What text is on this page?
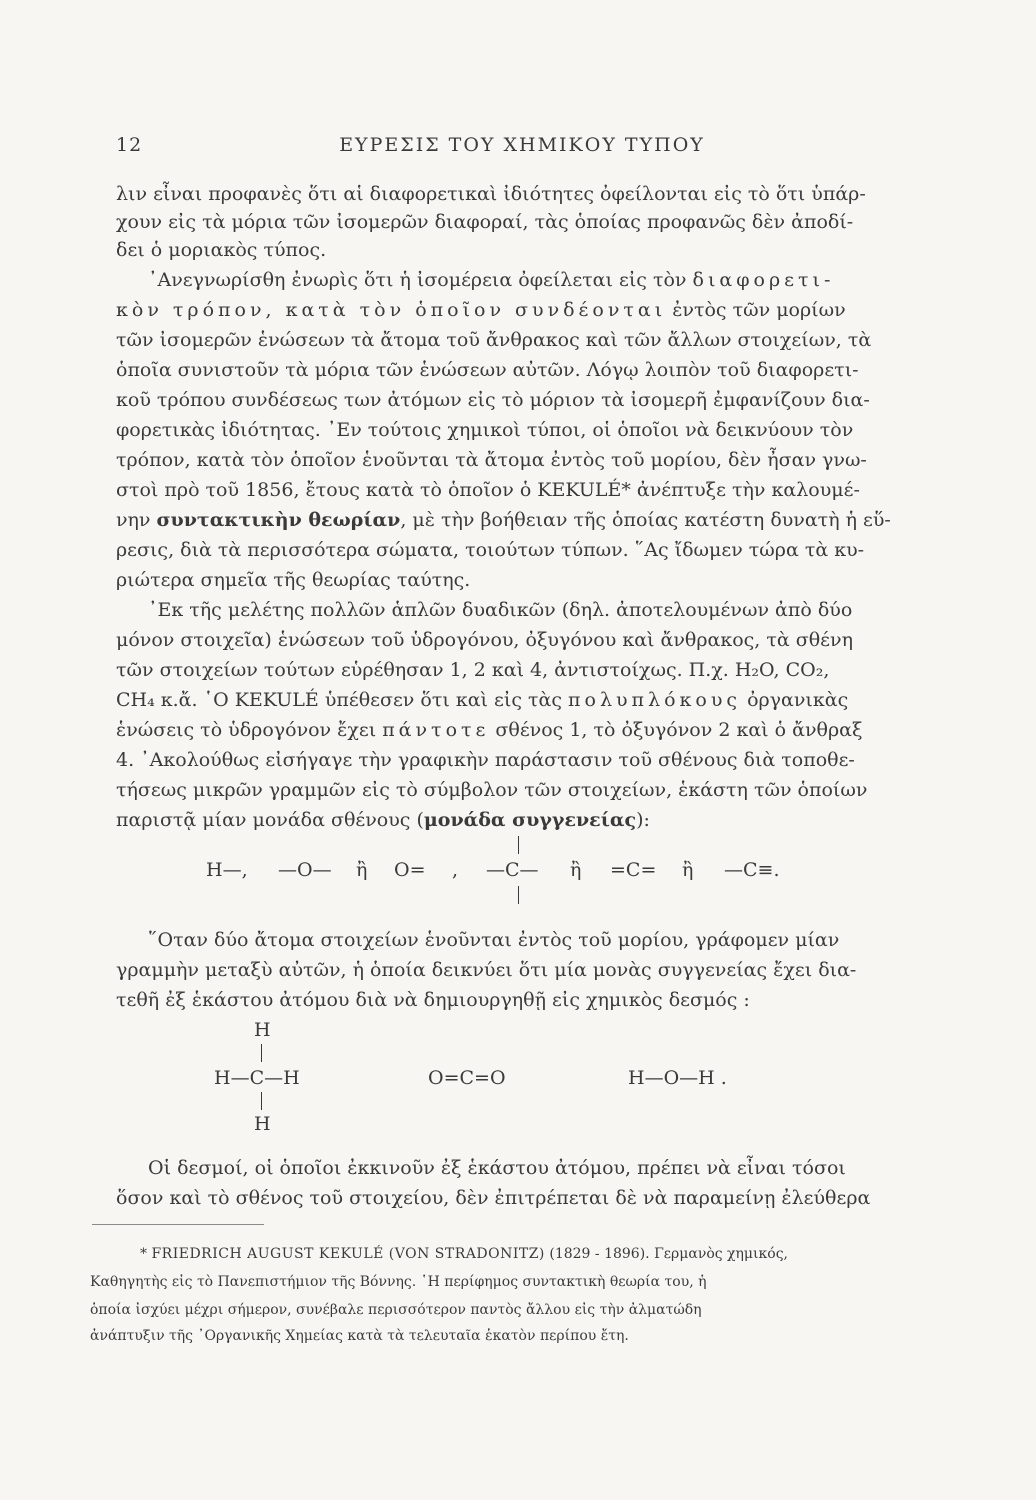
12	ΕΥΡΕΣΙΣ ΤΟΥ ΧΗΜΙΚΟΥ ΤΥΠΟΥ
λιν εἶναι προφανὲς ὅτι αἱ διαφορετικαὶ ἰδιότητες ὀφείλονται εἰς τὸ ὅτι ὑπάρ-
χουν εἰς τὰ μόρια τῶν ἰσομερῶν διαφοραί, τὰς ὁποίας προφανῶς δὲν ἀποδί-
δει ὁ μοριακὸς τύπος.
᾿Ανεγνωρίσθη ἐνωρὶς ὅτι ἡ ἰσομέρεια ὀφείλεται εἰς τὸν διαφορετι-
κὸν τρόπον, κατὰ τὸν ὁποῖον συνδέονται ἐντὸς τῶν μορίων
τῶν ἰσομερῶν ἑνώσεων τὰ ἄτομα τοῦ ἄνθρακος καὶ τῶν ἄλλων στοιχείων, τὰ
ὁποῖα συνιστοῦν τὰ μόρια τῶν ἑνώσεων αὐτῶν. Λόγῳ λοιπὸν τοῦ διαφορετι-
κοῦ τρόπου συνδέσεως των ἀτόμων εἰς τὸ μόριον τὰ ἰσομερῆ ἐμφανίζουν δια-
φορετικὰς ἰδιότητας. ᾿Εν τούτοις χημικοὶ τύποι, οἱ ὁποῖοι νὰ δεικνύουν τὸν
τρόπον, κατὰ τὸν ὁποῖον ἑνοῦνται τὰ ἄτομα ἐντὸς τοῦ μορίου, δὲν ἦσαν γνω-
στοὶ πρὸ τοῦ 1856, ἔτους κατὰ τὸ ὁποῖον ὁ KEKULÉ* ἀνέπτυξε τὴν καλουμέ-
νην συντακτικὴν θεωρίαν, μὲ τὴν βοήθειαν τῆς ὁποίας κατέστη δυνατὴ ἡ εὕ-
ρεσις, διὰ τὰ περισσότερα σώματα, τοιούτων τύπων. ῞Ας ἴδωμεν τώρα τὰ κυ-
ριώτερα σημεῖα τῆς θεωρίας ταύτης.
᾿Εκ τῆς μελέτης πολλῶν ἁπλῶν δυαδικῶν (δηλ. ἀποτελουμένων ἀπὸ δύο
μόνον στοιχεῖα) ἑνώσεων τοῦ ὑδρογόνου, ὀξυγόνου καὶ ἄνθρακος, τὰ σθένη
τῶν στοιχείων τούτων εὑρέθησαν 1, 2 καὶ 4, ἀντιστοίχως. Π.χ. H₂O, CO₂,
CH₄ κ.ἄ. ῾Ο KEKULÉ ὑπέθεσεν ὅτι καὶ εἰς τὰς πολυπλόκους ὀργανικὰς
ἑνώσεις τὸ ὑδρογόνον ἔχει πάντοτε σθένος 1, τὸ ὀξυγόνον 2 καὶ ὁ ἄνθραξ
4. ᾿Ακολούθως εἰσήγαγε τὴν γραφικὴν παράστασιν τοῦ σθένους διὰ τοποθε-
τήσεως μικρῶν γραμμῶν εἰς τὸ σύμβολον τῶν στοιχείων, ἑκάστη τῶν ὁποίων
παριστᾷ μίαν μονάδα σθένους (μονάδα συγγενείας):
H—, —O— ἢ O= , —C— ἢ =C= ἢ —C≡.
῞Οταν δύο ἄτομα στοιχείων ἑνοῦνται ἐντὸς τοῦ μορίου, γράφομεν μίαν
γραμμὴν μεταξὺ αὐτῶν, ἡ ὁποία δεικνύει ὅτι μία μονὰς συγγενείας ἔχει δια-
τεθῆ ἐξ ἑκάστου ἀτόμου διὰ νὰ δημιουργηθῇ εἰς χημικὸς δεσμός :
H
H—C—H
H
O=C=O	H—O—H .
Οἱ δεσμοί, οἱ ὁποῖοι ἐκκινοῦν ἐξ ἑκάστου ἀτόμου, πρέπει νὰ εἶναι τόσοι
ὅσον καὶ τὸ σθένος τοῦ στοιχείου, δὲν ἐπιτρέπεται δὲ νὰ παραμείνῃ ἐλεύθερα
* FRIEDRICH AUGUST KEKULÉ (VON STRADONITZ) (1829 - 1896). Γερμανὸς χημικός,
Καθηγητὴς εἰς τὸ Πανεπιστήμιον τῆς Βόννης. ῾Η περίφημος συντακτικὴ θεωρία του, ἡ
ὁποία ἰσχύει μέχρι σήμερον, συνέβαλε περισσότερον παντὸς ἄλλου εἰς τὴν ἀλματώδη
ἀνάπτυξιν τῆς ᾿Οργανικῆς Χημείας κατὰ τὰ τελευταῖα ἑκατὸν περίπου ἔτη.
